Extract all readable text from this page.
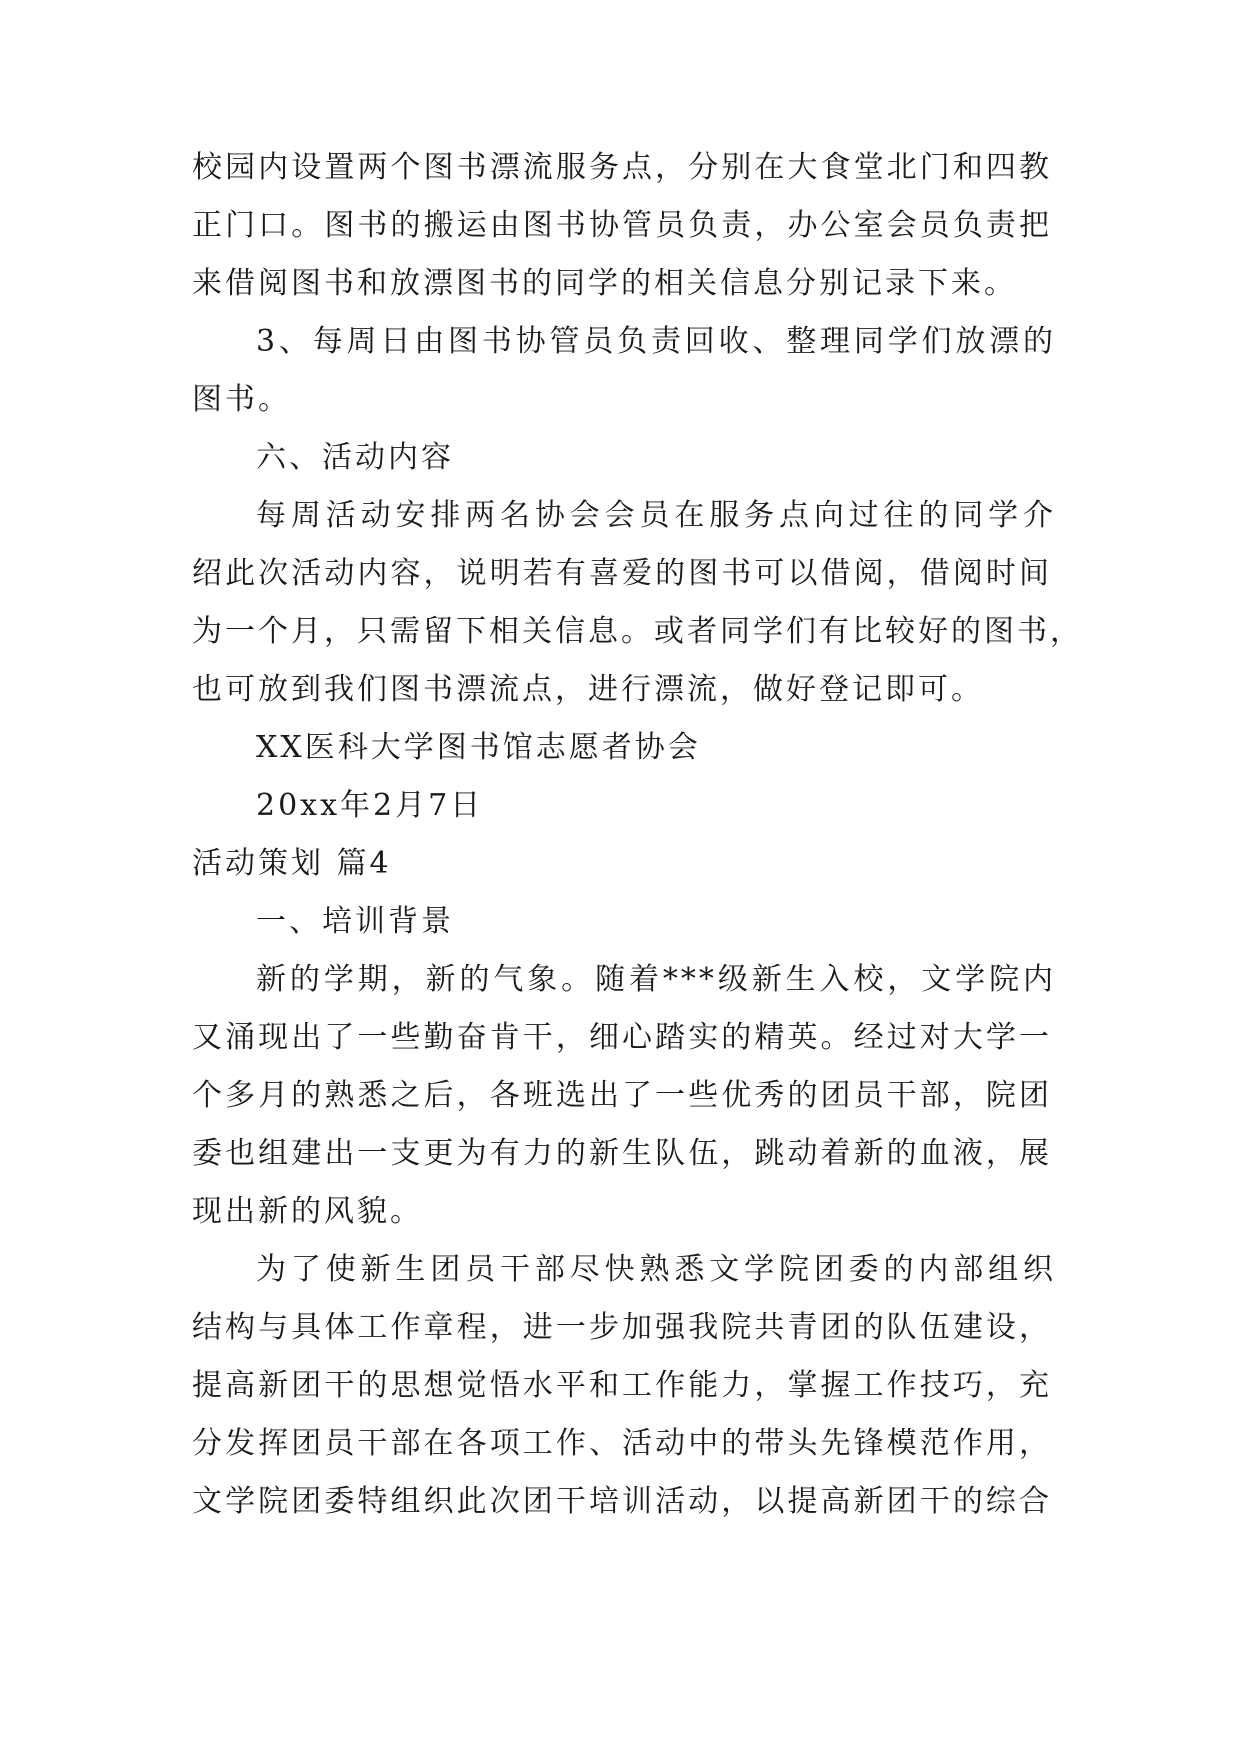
校园内设置两个图书漂流服务点，分别在大食堂北门和四教
正门口。图书的搬运由图书协管员负责，办公室会员负责把
来借阅图书和放漂图书的同学的相关信息分别记录下来。
3、每周日由图书协管员负责回收、整理同学们放漂的
图书。
六、活动内容
每周活动安排两名协会会员在服务点向过往的同学介
绍此次活动内容，说明若有喜爱的图书可以借阅，借阅时间
为一个月，只需留下相关信息。或者同学们有比较好的图书，
也可放到我们图书漂流点，进行漂流，做好登记即可。
XX医科大学图书馆志愿者协会
20xx年2月7日
活动策划 篇4
一、培训背景
新的学期，新的气象。随着***级新生入校，文学院内
又涌现出了一些勤奋肯干，细心踏实的精英。经过对大学一
个多月的熟悉之后，各班选出了一些优秀的团员干部，院团
委也组建出一支更为有力的新生队伍，跳动着新的血液，展
现出新的风貌。
为了使新生团员干部尽快熟悉文学院团委的内部组织
结构与具体工作章程，进一步加强我院共青团的队伍建设，
提高新团干的思想觉悟水平和工作能力，掌握工作技巧，充
分发挥团员干部在各项工作、活动中的带头先锋模范作用，
文学院团委特组织此次团干培训活动，以提高新团干的综合
